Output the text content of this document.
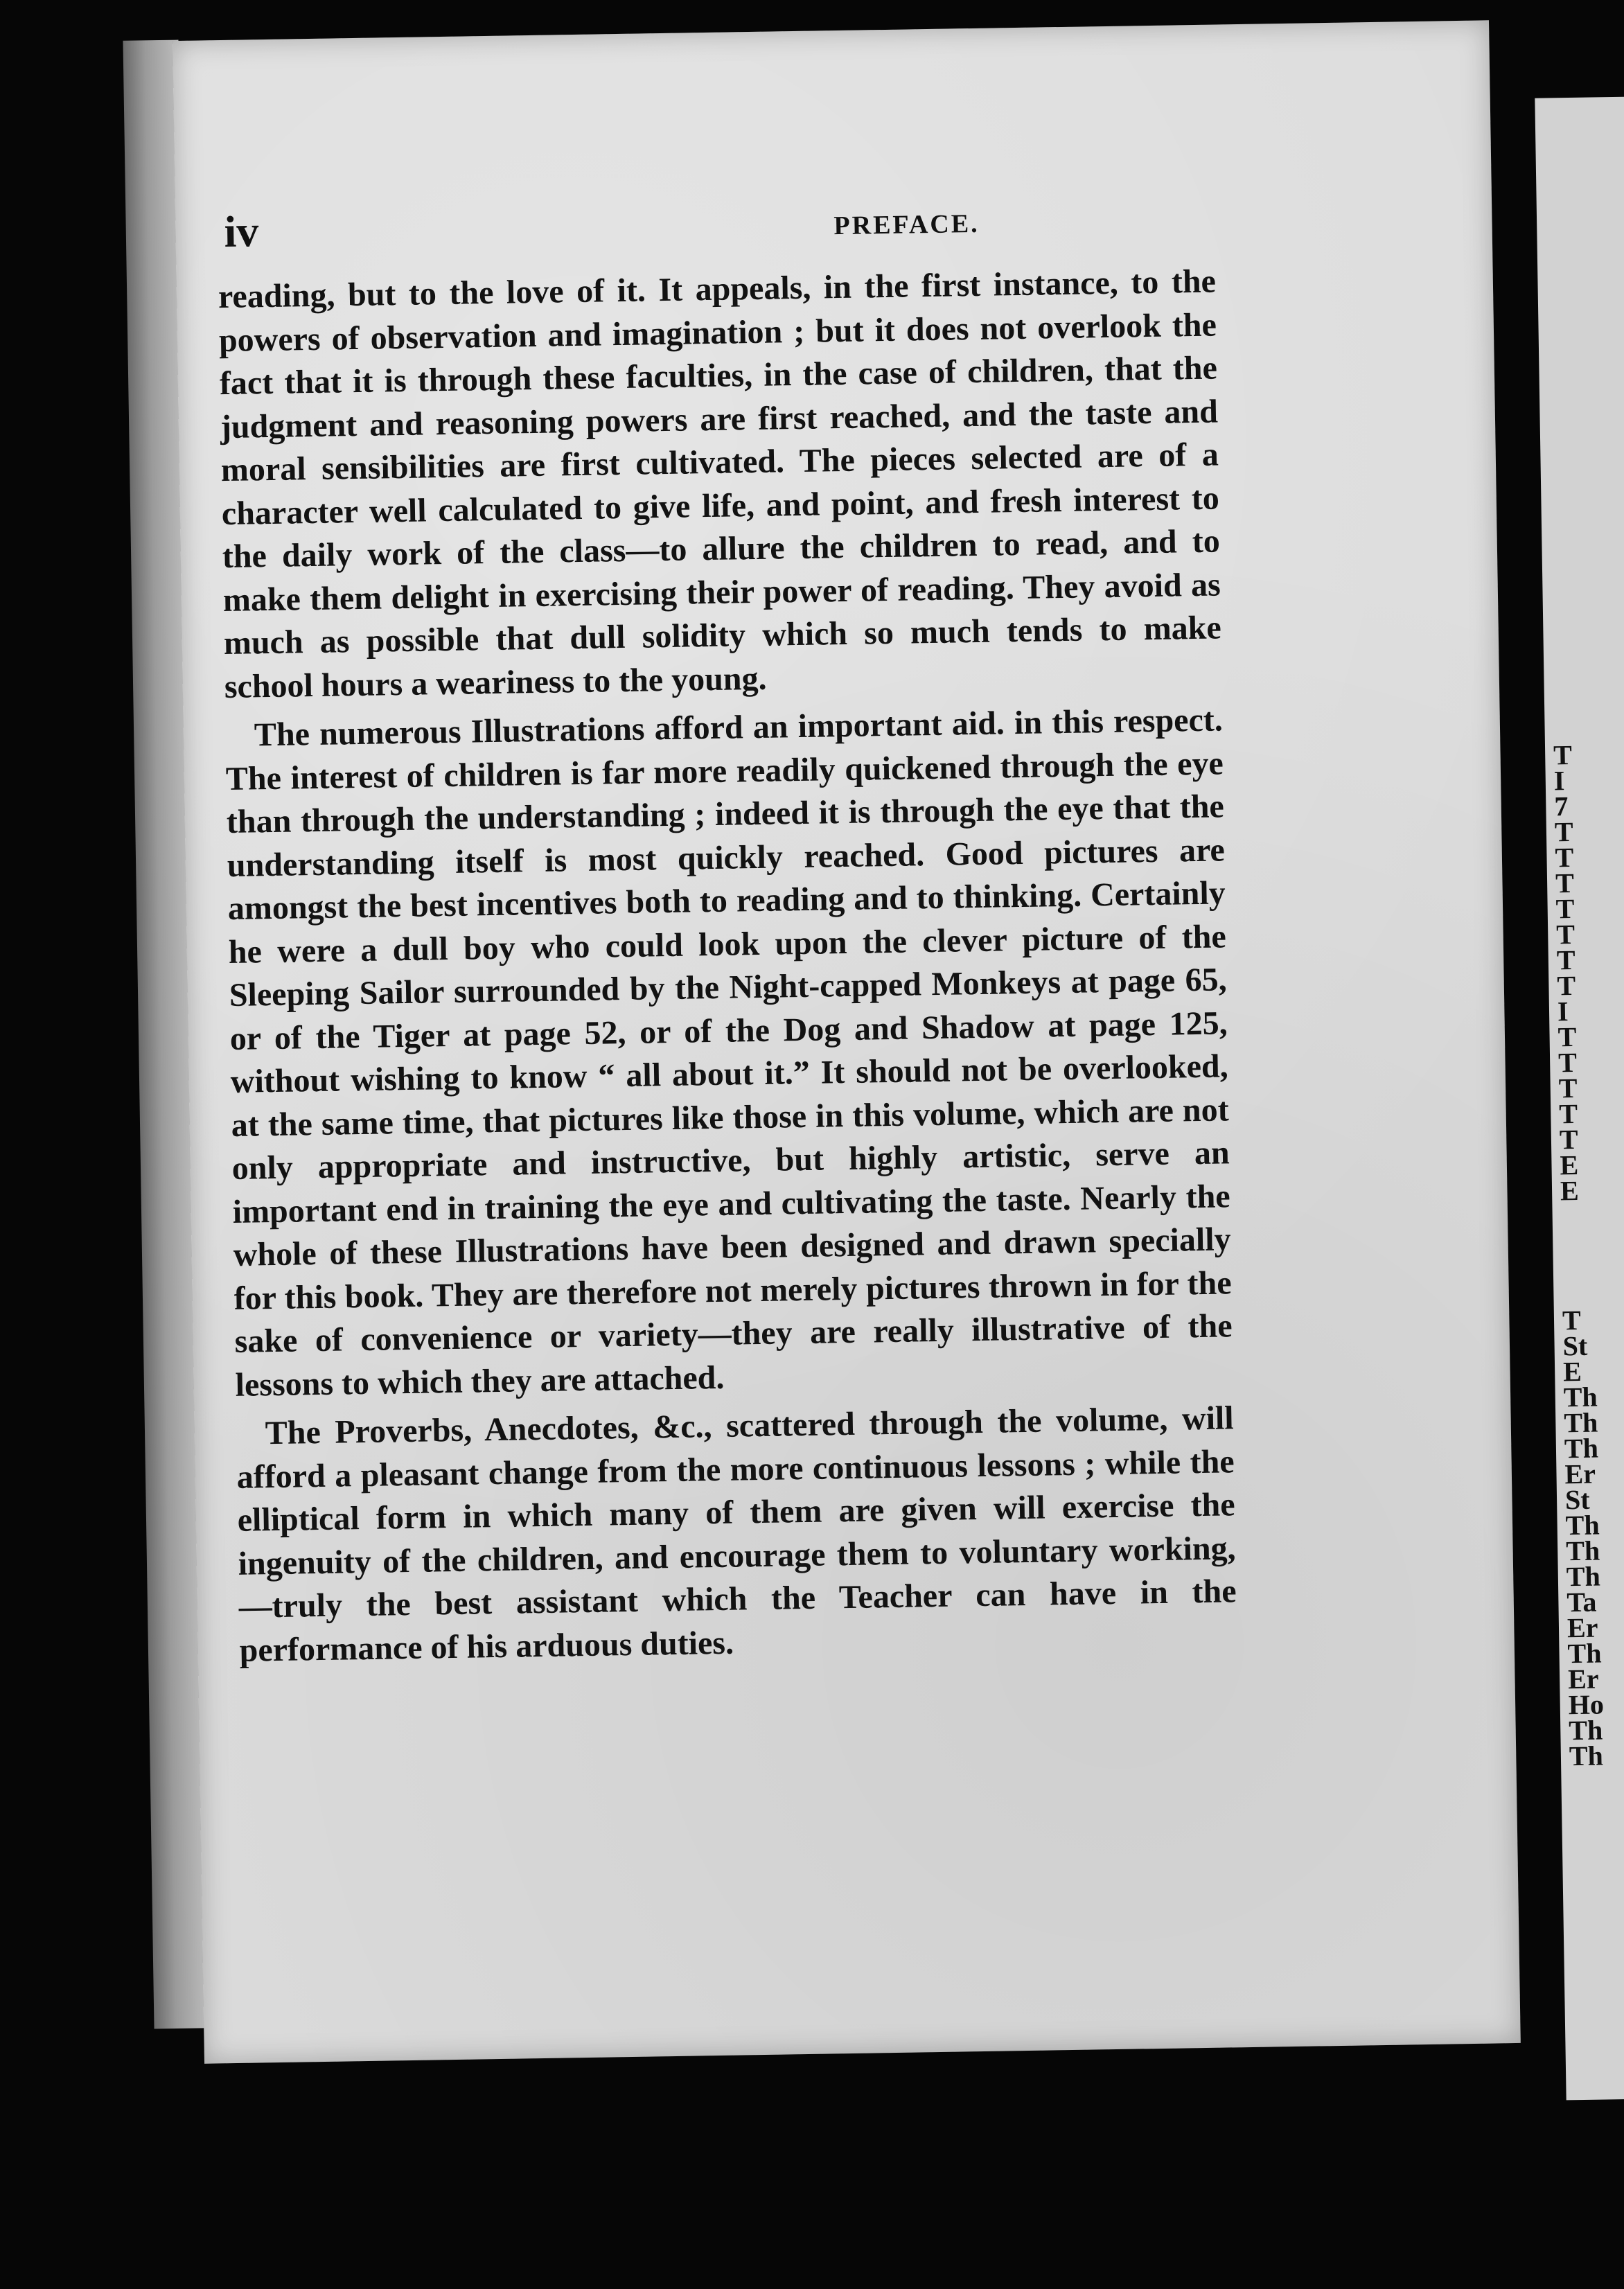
T
I
7
T
T
T
T
T
T
T
I
T
T
T
T
T
E
E
T
St
E
Th
Th
Th
Er
St
Th
Th
Th
Ta
Er
Th
Er
Ho
Th
Th
iv	PREFACE.

reading, but to the love of it. It appeals, in the first instance, to the powers of observation and imagination ; but it does not overlook the fact that it is through these faculties, in the case of children, that the judgment and reasoning powers are first reached, and the taste and moral sensibilities are first cultivated. The pieces selected are of a character well calculated to give life, and point, and fresh interest to the daily work of the class—to allure the children to read, and to make them delight in exercising their power of reading. They avoid as much as possible that dull solidity which so much tends to make school hours a weariness to the young.

The numerous Illustrations afford an important aid. in this respect. The interest of children is far more readily quickened through the eye than through the understanding ; indeed it is through the eye that the understanding itself is most quickly reached. Good pictures are amongst the best incentives both to reading and to thinking. Certainly he were a dull boy who could look upon the clever picture of the Sleeping Sailor surrounded by the Night-capped Monkeys at page 65, or of the Tiger at page 52, or of the Dog and Shadow at page 125, without wishing to know “ all about it.” It should not be overlooked, at the same time, that pictures like those in this volume, which are not only appropriate and instructive, but highly artistic, serve an important end in training the eye and cultivating the taste. Nearly the whole of these Illustrations have been designed and drawn specially for this book. They are therefore not merely pictures thrown in for the sake of convenience or variety—they are really illustrative of the lessons to which they are attached.

The Proverbs, Anecdotes, &c., scattered through the volume, will afford a pleasant change from the more continuous lessons ; while the elliptical form in which many of them are given will exercise the ingenuity of the children, and encourage them to voluntary working,—truly the best assistant which the Teacher can have in the performance of his arduous duties.
